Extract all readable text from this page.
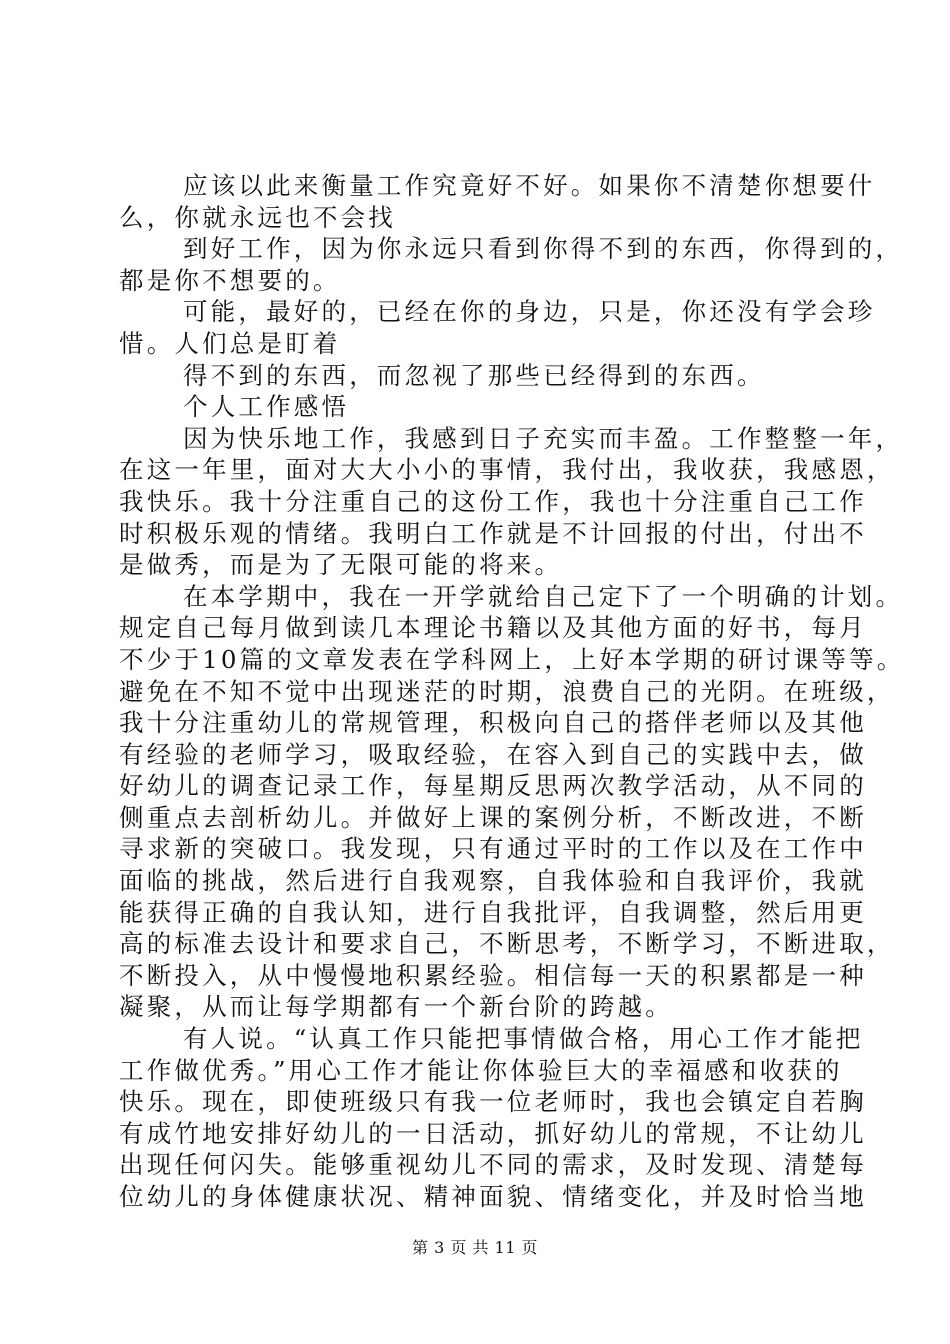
应该以此来衡量工作究竟好不好。如果你不清楚你想要什
么，你就永远也不会找
到好工作，因为你永远只看到你得不到的东西，你得到的，
都是你不想要的。
可能，最好的，已经在你的身边，只是，你还没有学会珍
惜。人们总是盯着
得不到的东西，而忽视了那些已经得到的东西。
个人工作感悟
因为快乐地工作，我感到日子充实而丰盈。工作整整一年，
在这一年里，面对大大小小的事情，我付出，我收获，我感恩，
我快乐。我十分注重自己的这份工作，我也十分注重自己工作
时积极乐观的情绪。我明白工作就是不计回报的付出，付出不
是做秀，而是为了无限可能的将来。
在本学期中，我在一开学就给自己定下了一个明确的计划。
规定自己每月做到读几本理论书籍以及其他方面的好书，每月
不少于10篇的文章发表在学科网上，上好本学期的研讨课等等。
避免在不知不觉中出现迷茫的时期，浪费自己的光阴。在班级，
我十分注重幼儿的常规管理，积极向自己的搭伴老师以及其他
有经验的老师学习，吸取经验，在容入到自己的实践中去，做
好幼儿的调查记录工作，每星期反思两次教学活动，从不同的
侧重点去剖析幼儿。并做好上课的案例分析，不断改进，不断
寻求新的突破口。我发现，只有通过平时的工作以及在工作中
面临的挑战，然后进行自我观察，自我体验和自我评价，我就
能获得正确的自我认知，进行自我批评，自我调整，然后用更
高的标准去设计和要求自己，不断思考，不断学习，不断进取，
不断投入，从中慢慢地积累经验。相信每一天的积累都是一种
凝聚，从而让每学期都有一个新台阶的跨越。
有人说。“认真工作只能把事情做合格，用心工作才能把
工作做优秀。”用心工作才能让你体验巨大的幸福感和收获的
快乐。现在，即使班级只有我一位老师时，我也会镇定自若胸
有成竹地安排好幼儿的一日活动，抓好幼儿的常规，不让幼儿
出现任何闪失。能够重视幼儿不同的需求，及时发现、清楚每
位幼儿的身体健康状况、精神面貌、情绪变化，并及时恰当地
第 3 页 共 11 页
